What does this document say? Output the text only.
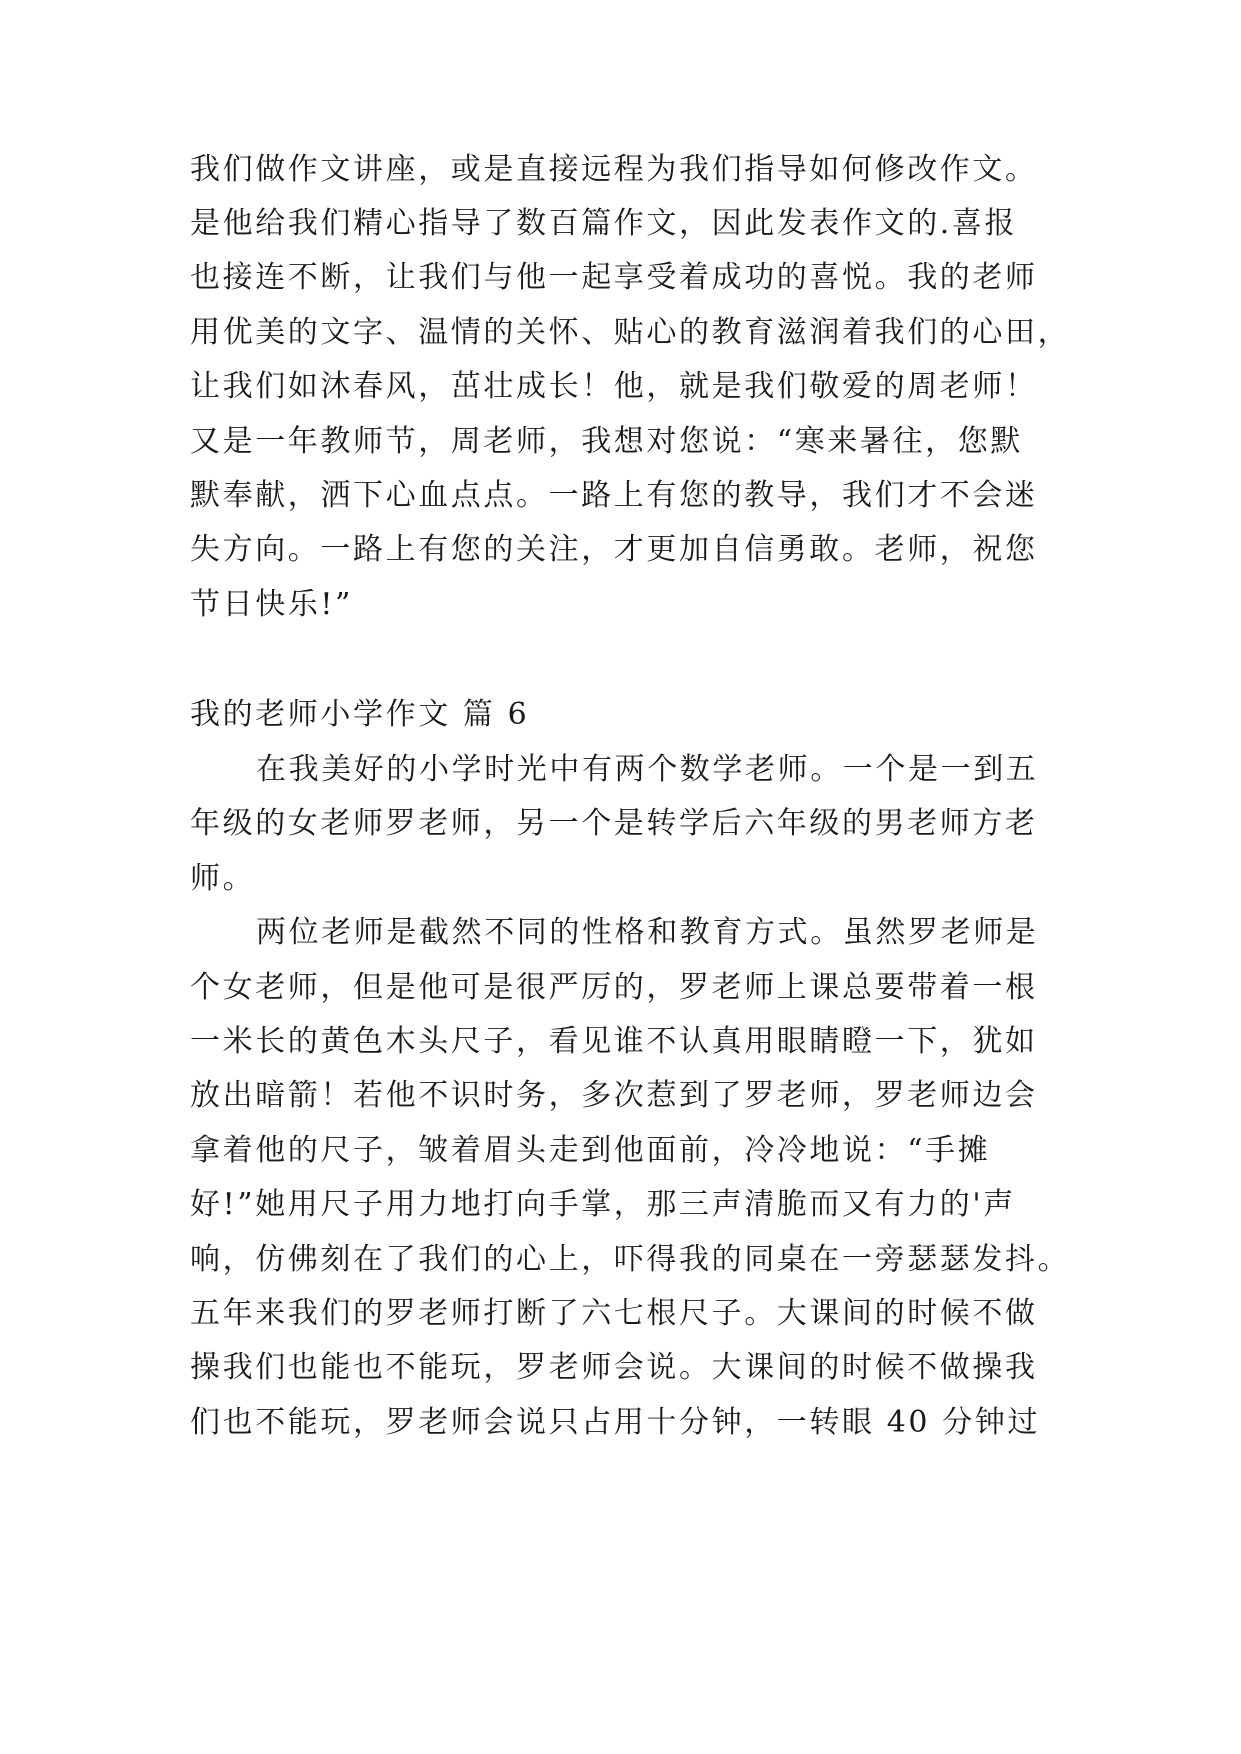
我们做作文讲座，或是直接远程为我们指导如何修改作文。
是他给我们精心指导了数百篇作文，因此发表作文的.喜报
也接连不断，让我们与他一起享受着成功的喜悦。我的老师
用优美的文字、温情的关怀、贴心的教育滋润着我们的心田，
让我们如沐春风，茁壮成长！他，就是我们敬爱的周老师！
又是一年教师节，周老师，我想对您说：“寒来暑往，您默
默奉献，洒下心血点点。一路上有您的教导，我们才不会迷
失方向。一路上有您的关注，才更加自信勇敢。老师，祝您
节日快乐!”
我的老师小学作文 篇 6
在我美好的小学时光中有两个数学老师。一个是一到五
年级的女老师罗老师，另一个是转学后六年级的男老师方老
师。
两位老师是截然不同的性格和教育方式。虽然罗老师是
个女老师，但是他可是很严厉的，罗老师上课总要带着一根
一米长的黄色木头尺子，看见谁不认真用眼睛瞪一下，犹如
放出暗箭！若他不识时务，多次惹到了罗老师，罗老师边会
拿着他的尺子，皱着眉头走到他面前，冷冷地说：“手摊
好!”她用尺子用力地打向手掌，那三声清脆而又有力的'声
响，仿佛刻在了我们的心上，吓得我的同桌在一旁瑟瑟发抖。
五年来我们的罗老师打断了六七根尺子。大课间的时候不做
操我们也能也不能玩，罗老师会说。大课间的时候不做操我
们也不能玩，罗老师会说只占用十分钟，一转眼 40 分钟过
